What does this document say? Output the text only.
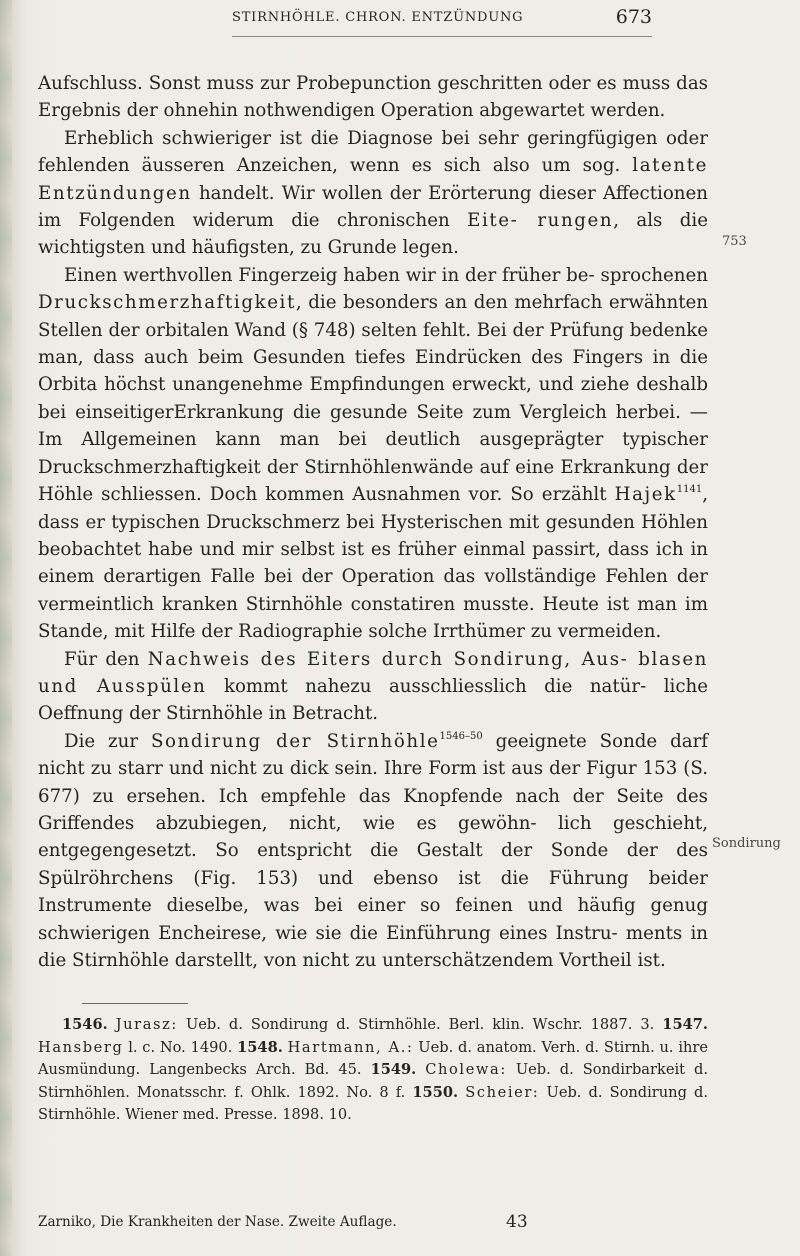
STIRNHÖHLE. CHRON. ENTZÜNDUNG	673
753
Sondirung

Aufschluss. Sonst muss zur Probepunction geschritten oder es muss das Ergebnis der ohnehin nothwendigen Operation abgewartet werden.

Erheblich schwieriger ist die Diagnose bei sehr geringfügigen oder fehlenden äusseren Anzeichen, wenn es sich also um sog. latente Entzündungen handelt. Wir wollen der Erörterung dieser Affectionen im Folgenden widerum die chronischen Eite- rungen, als die wichtigsten und häufigsten, zu Grunde legen.

Einen werthvollen Fingerzeig haben wir in der früher be- sprochenen Druckschmerzhaftigkeit, die besonders an den mehrfach erwähnten Stellen der orbitalen Wand (§ 748) selten fehlt. Bei der Prüfung bedenke man, dass auch beim Gesunden tiefes Eindrücken des Fingers in die Orbita höchst unangenehme Empfindungen erweckt, und ziehe deshalb bei einseitigerErkrankung die gesunde Seite zum Vergleich herbei. — Im Allgemeinen kann man bei deutlich ausgeprägter typischer Druckschmerzhaftigkeit der Stirnhöhlenwände auf eine Erkrankung der Höhle schliessen. Doch kommen Ausnahmen vor. So erzählt Hajek$^{1141}$, dass er typischen Druckschmerz bei Hysterischen mit gesunden Höhlen beobachtet habe und mir selbst ist es früher einmal passirt, dass ich in einem derartigen Falle bei der Operation das vollständige Fehlen der vermeintlich kranken Stirnhöhle constatiren musste. Heute ist man im Stande, mit Hilfe der Radiographie solche Irrthümer zu vermeiden.

Für den Nachweis des Eiters durch Sondirung, Aus- blasen und Ausspülen kommt nahezu ausschliesslich die natür- liche Oeffnung der Stirnhöhle in Betracht.

Die zur Sondirung der Stirnhöhle$^{1546-50}$ geeignete Sonde darf nicht zu starr und nicht zu dick sein. Ihre Form ist aus der Figur 153 (S. 677) zu ersehen. Ich empfehle das Knopfende nach der Seite des Griffendes abzubiegen, nicht, wie es gewöhn- lich geschieht, entgegengesetzt. So entspricht die Gestalt der Sonde der des Spülröhrchens (Fig. 153) und ebenso ist die Führung beider Instrumente dieselbe, was bei einer so feinen und häufig genug schwierigen Encheirese, wie sie die Einführung eines Instru- ments in die Stirnhöhle darstellt, von nicht zu unterschätzendem Vortheil ist.

1546. Jurasz: Ueb. d. Sondirung d. Stirnhöhle. Berl. klin. Wschr. 1887. 3. 1547. Hansberg l. c. No. 1490. 1548. Hartmann, A.: Ueb. d. anatom. Verh. d. Stirnh. u. ihre Ausmündung. Langenbecks Arch. Bd. 45. 1549. Cholewa: Ueb. d. Sondirbarkeit d. Stirnhöhlen. Monatsschr. f. Ohlk. 1892. No. 8 f. 1550. Scheier: Ueb. d. Sondirung d. Stirnhöhle. Wiener med. Presse. 1898. 10.

Zarniko, Die Krankheiten der Nase. Zweite Auflage.	43
